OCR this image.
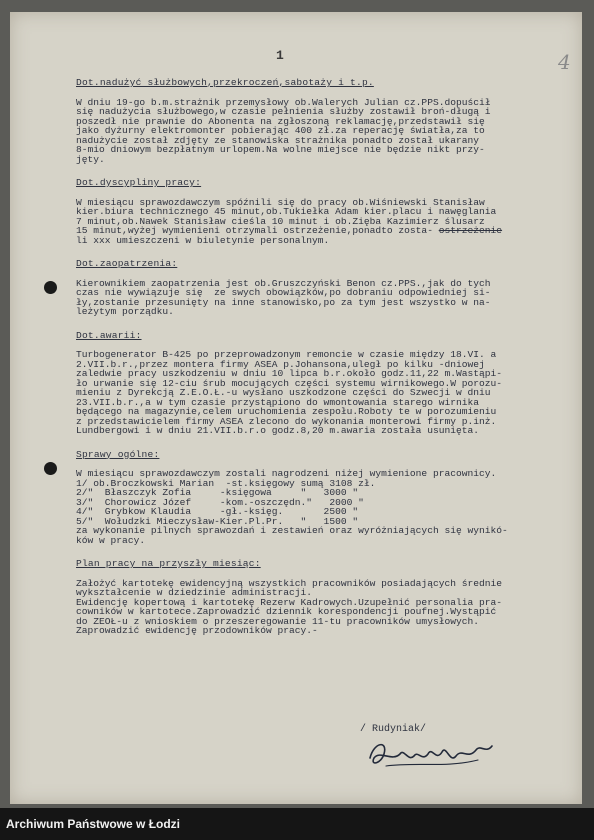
1	4

Dot.nadużyć służbowych,przekroczeń,sabotaży i t.p.

W dniu 19-go b.m.strażnik przemysłowy ob.Walerych Julian cz.PPS.dopuścił

się nadużycia służbowego,w czasie pełnienia służby zostawił broń-długą i

poszedł nie prawnie do Abonenta na zgłoszoną reklamację,przedstawił się

jako dyżurny elektromonter pobierając 400 zł.za reperację światła,za to

nadużycie został zdjęty ze stanowiska strażnika ponadto został ukarany

8-mio dniowym bezpłatnym urlopem.Na wolne miejsce nie będzie nikt przy-

jęty.

Dot.dyscypliny pracy:

W miesiącu sprawozdawczym spóźnili się do pracy ob.Wiśniewski Stanisław

kier.biura technicznego 45 minut,ob.Tukiełka Adam kier.placu i nawęglania

7 minut,ob.Nawek Stanisław cieśla 10 minut i ob.Zięba Kazimierz ślusarz

15 minut,wyżej wymienieni otrzymali ostrzeżenie,ponadto zosta- ostrzeżenie

li xxx umieszczeni w biuletynie personalnym.

Dot.zaopatrzenia:

Kierownikiem zaopatrzenia jest ob.Gruszczyński Benon cz.PPS.,jak do tych

czas nie wywiązuje się  ze swych obowiązków,po dobraniu odpowiedniej si-

ły,zostanie przesunięty na inne stanowisko,po za tym jest wszystko w na-

leżytym porządku.

Dot.awarii:

Turbogenerator B-425 po przeprowadzonym remoncie w czasie między 18.VI. a

2.VII.b.r.,przez montera firmy ASEA p.Johansona,uległ po kilku -dniowej

zaledwie pracy uszkodzeniu w dniu 10 lipca b.r.około godz.11,22 m.Wastąpi-

ło urwanie się 12-ciu śrub mocujących części systemu wirnikowego.W porozu-

mieniu z Dyrekcją Z.E.O.Ł.-u wysłano uszkodzone części do Szwecji w dniu

23.VII.b.r.,a w tym czasie przystąpiono do wmontowania starego wirnika

będącego na magazynie,celem uruchomienia zespołu.Roboty te w porozumieniu

z przedstawicielem firmy ASEA zlecono do wykonania monterowi firmy p.inż.

Lundbergowi i w dniu 21.VII.b.r.o godz.8,20 m.awaria została usunięta.

Sprawy ogólne:

W miesiącu sprawozdawczym zostali nagrodzeni niżej wymienione pracownicy.

1/ ob.Broczkowski Marian  -st.księgowy sumą 3108 zł.

2/"  Błaszczyk Zofia     -księgowa     "   3000 "

3/"  Chorowicz Józef     -kom.-oszczędn."   2000 "

4/"  Grybkow Klaudia     -gł.-księg.       2500 "

5/"  Wołudzki Mieczysław-Kier.Pl.Pr.   "   1500 "

za wykonanie pilnych sprawozdań i zestawień oraz wyróżniających się wynikó-

ków w pracy.

Plan pracy na przyszły miesiąc:

Założyć kartotekę ewidencyjną wszystkich pracowników posiadających średnie

wykształcenie w dziedzinie administracji.

Ewidencję kopertową i kartotekę Rezerw Kadrowych.Uzupełnić personalia pra-

cowników w kartotece.Zaprowadzić dziennik korespondencji poufnej.Wystąpić

do ZEOŁ-u z wnioskiem o przeszeregowanie 11-tu pracowników umysłowych.

Zaprowadzić ewidencję przodowników pracy.-

/ Rudyniak/
Archiwum Państwowe w Łodzi
